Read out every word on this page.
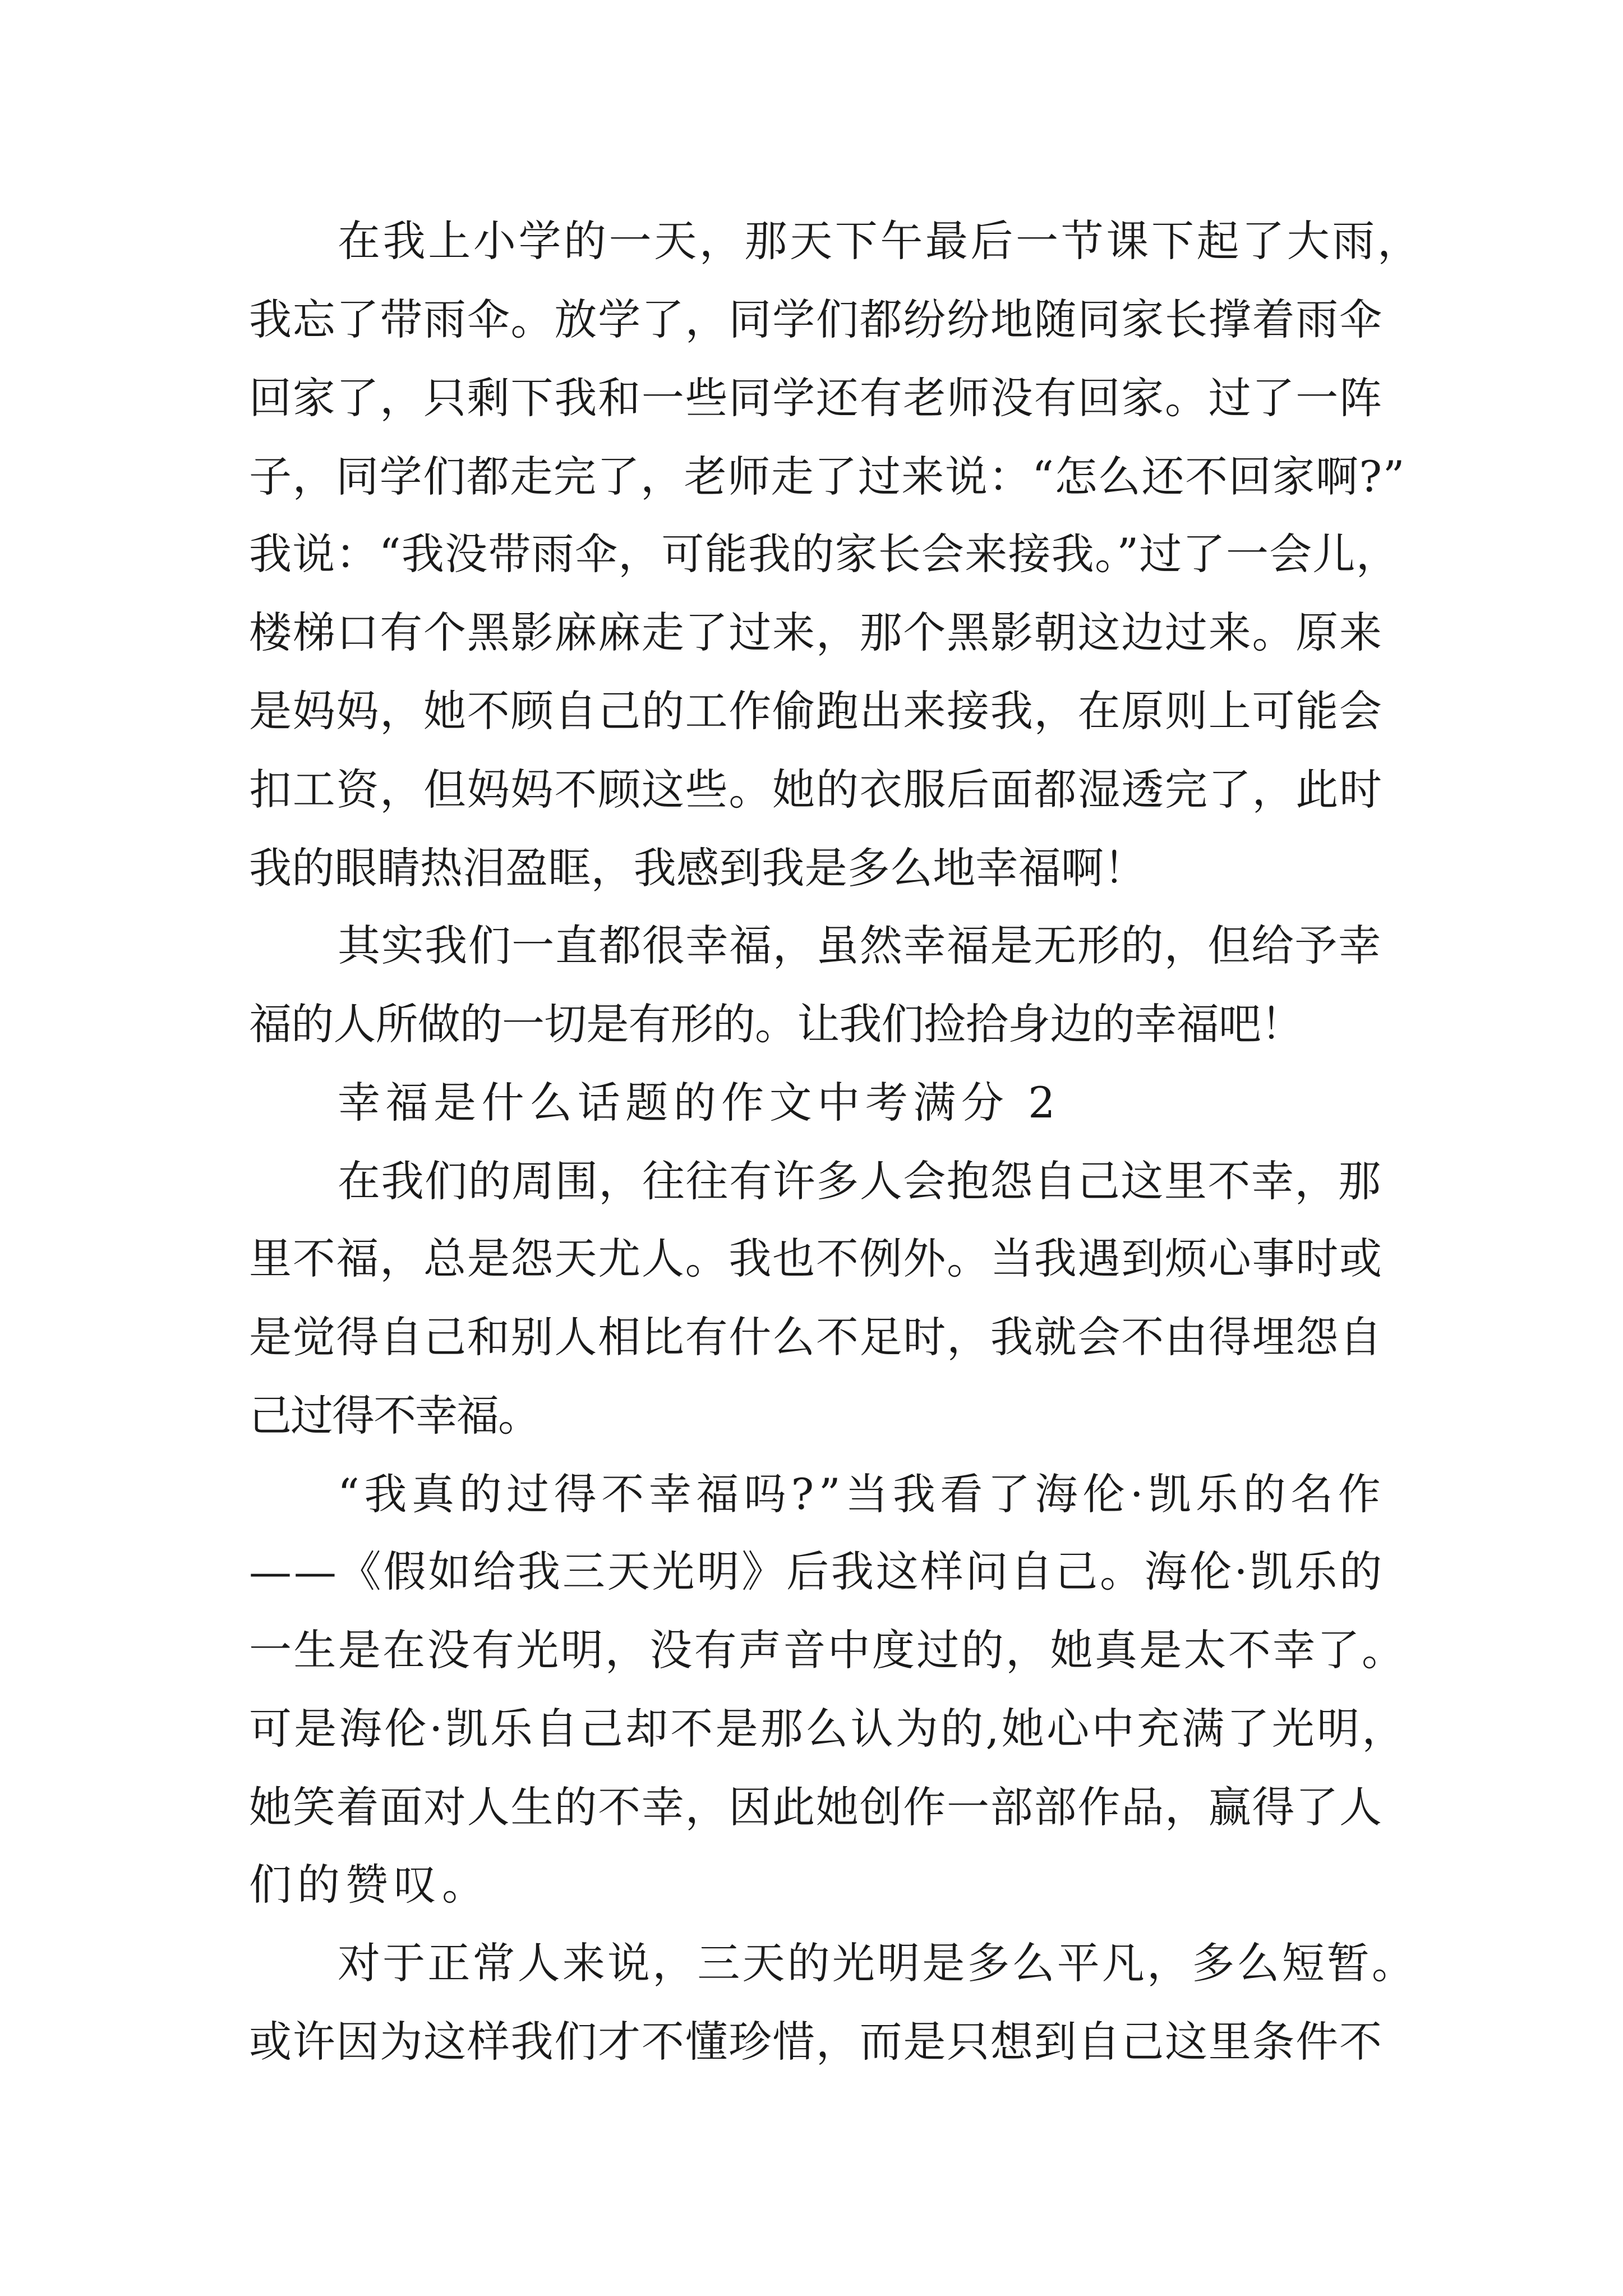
在我上小学的一天，那天下午最后一节课下起了大雨，
我忘了带雨伞。放学了，同学们都纷纷地随同家长撑着雨伞
回家了，只剩下我和一些同学还有老师没有回家。过了一阵
子，同学们都走完了，老师走了过来说：“怎么还不回家啊?”
我说：“我没带雨伞，可能我的家长会来接我。”过了一会儿，
楼梯口有个黑影麻麻走了过来，那个黑影朝这边过来。原来
是妈妈，她不顾自己的工作偷跑出来接我，在原则上可能会
扣工资，但妈妈不顾这些。她的衣服后面都湿透完了，此时
我的眼睛热泪盈眶，我感到我是多么地幸福啊！
其实我们一直都很幸福，虽然幸福是无形的，但给予幸
福的人所做的一切是有形的。让我们捡拾身边的幸福吧！
幸福是什么话题的作文中考满分 2
在我们的周围，往往有许多人会抱怨自己这里不幸，那
里不福，总是怨天尤人。我也不例外。当我遇到烦心事时或
是觉得自己和别人相比有什么不足时，我就会不由得埋怨自
己过得不幸福。
“我真的过得不幸福吗?”当我看了海伦·凯乐的名作
——《假如给我三天光明》后我这样问自己。海伦·凯乐的
一生是在没有光明，没有声音中度过的，她真是太不幸了。
可是海伦·凯乐自己却不是那么认为的,她心中充满了光明，
她笑着面对人生的不幸，因此她创作一部部作品，赢得了人
们的赞叹。
对于正常人来说，三天的光明是多么平凡，多么短暂。
或许因为这样我们才不懂珍惜，而是只想到自己这里条件不
